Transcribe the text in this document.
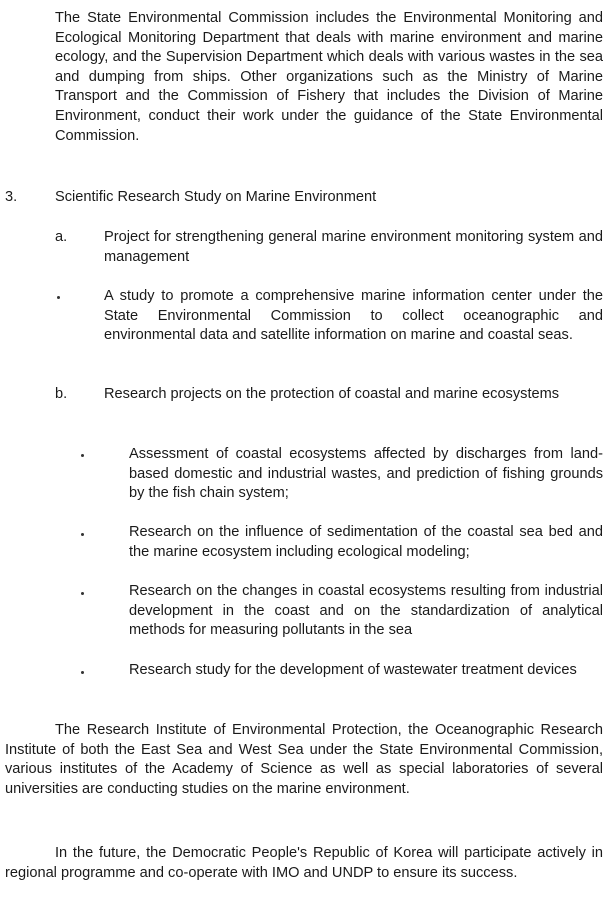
The State Environmental Commission includes the Environmental Monitoring and Ecological Monitoring Department that deals with marine environment and marine ecology, and the Supervision Department which deals with various wastes in the sea and dumping from ships. Other organizations such as the Ministry of Marine Transport and the Commission of Fishery that includes the Division of Marine Environment, conduct their work under the guidance of the State Environmental Commission.
3.	Scientific Research Study on Marine Environment
a.	Project for strengthening general marine environment monitoring system and management
A study to promote a comprehensive marine information center under the State Environmental Commission to collect oceanographic and environmental data and satellite information on marine and coastal seas.
b.	Research projects on the protection of coastal and marine ecosystems
Assessment of coastal ecosystems affected by discharges from land-based domestic and industrial wastes, and prediction of fishing grounds by the fish chain system;
Research on the influence of sedimentation of the coastal sea bed and the marine ecosystem including ecological modeling;
Research on the changes in coastal ecosystems resulting from industrial development in the coast and on the standardization of analytical methods for measuring pollutants in the sea
Research study for the development of wastewater treatment devices
The Research Institute of Environmental Protection, the Oceanographic Research Institute of both the East Sea and West Sea under the State Environmental Commission, various institutes of the Academy of Science as well as special laboratories of several universities are conducting studies on the marine environment.
In the future, the Democratic People's Republic of Korea will participate actively in regional programme and co-operate with IMO and UNDP to ensure its success.
